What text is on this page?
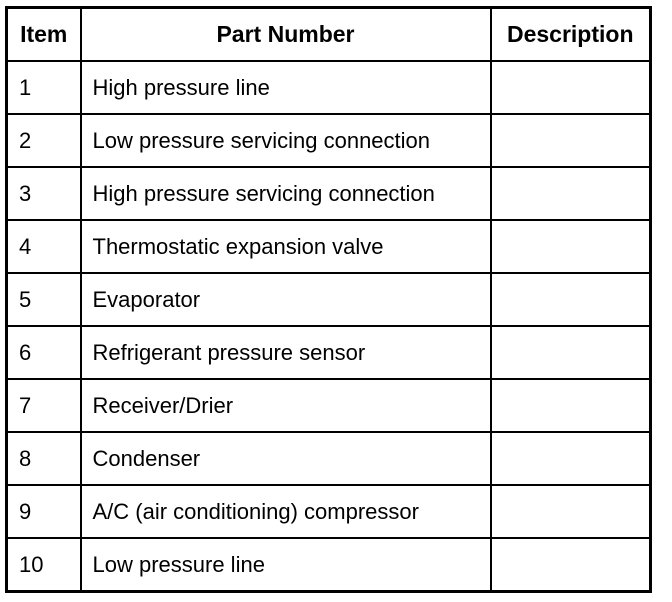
Item	Part Number	Description
1	High pressure line	
2	Low pressure servicing connection	
3	High pressure servicing connection	
4	Thermostatic expansion valve	
5	Evaporator	
6	Refrigerant pressure sensor	
7	Receiver/Drier	
8	Condenser	
9	A/C (air conditioning) compressor	
10	Low pressure line	
